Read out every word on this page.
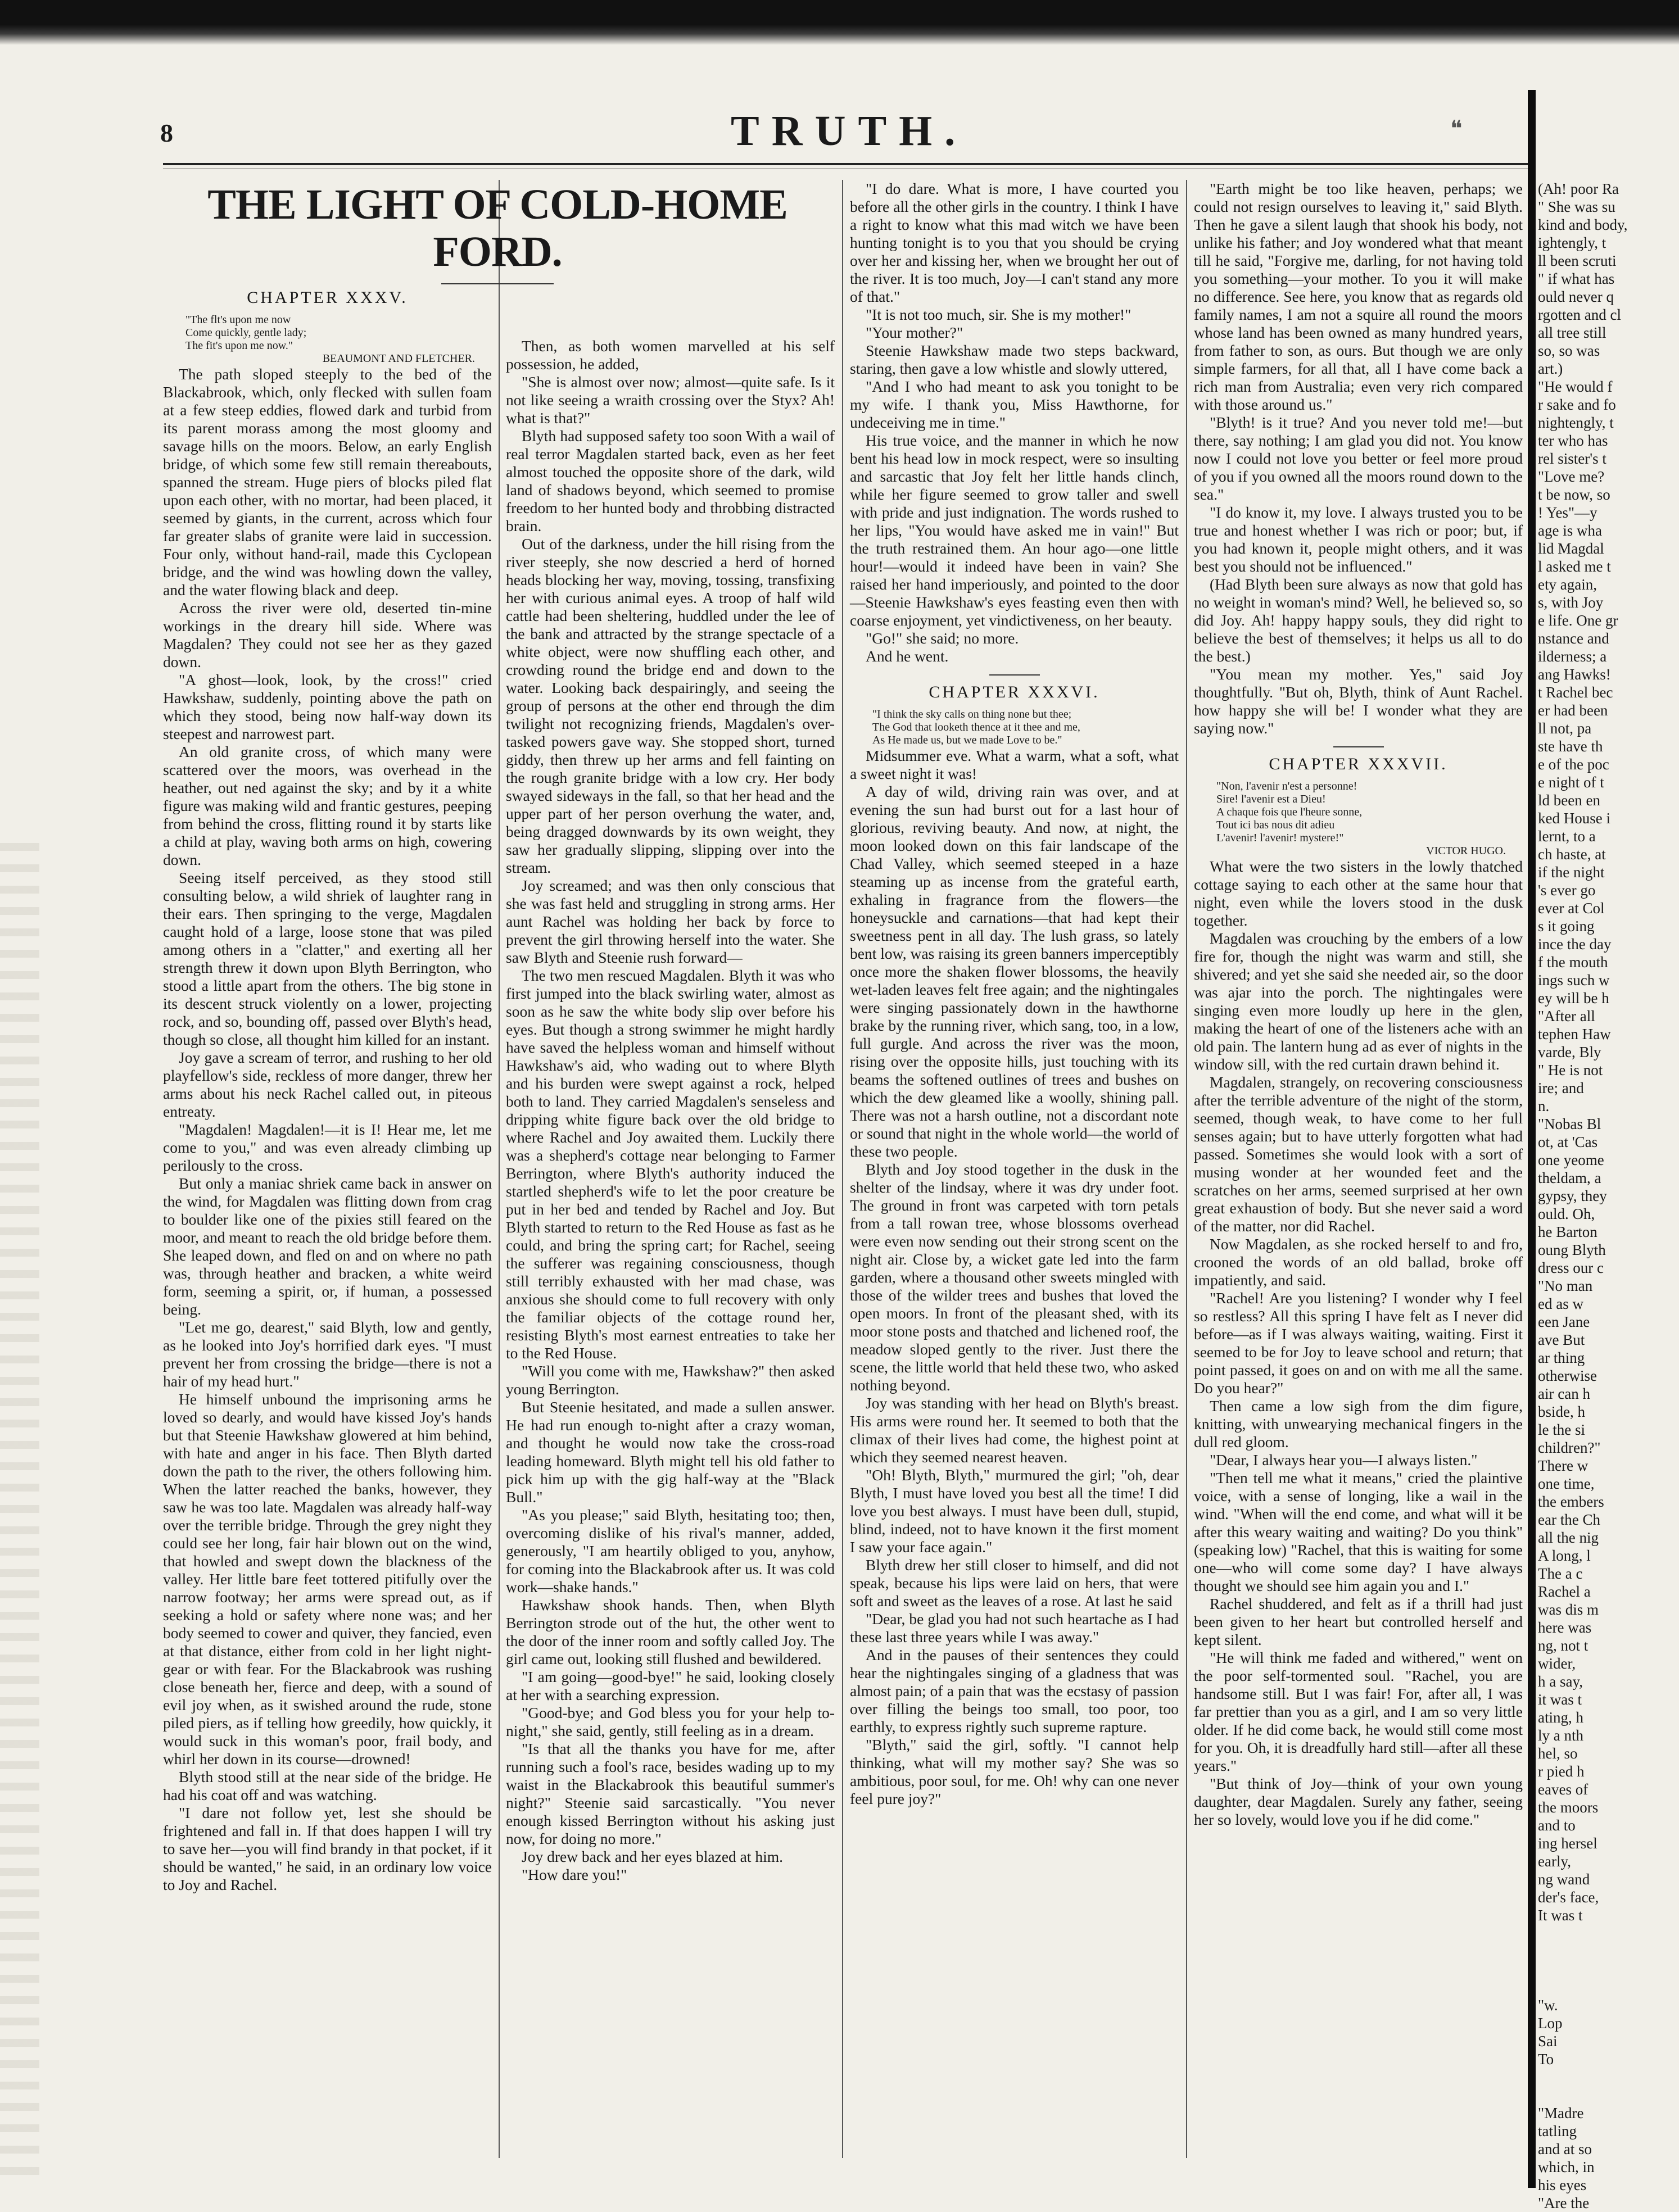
8	TRUTH.	❝
THE LIGHT OF COLD-HOME FORD.
CHAPTER XXXV.

"The flt's upon me now
Come quickly, gentle lady;
The fit's upon me now."
BEAUMONT AND FLETCHER.

The path sloped steeply to the bed of the Blackabrook, which, only flecked with sullen foam at a few steep eddies, flowed dark and turbid from its parent morass among the most gloomy and savage hills on the moors. Below, an early English bridge, of which some few still remain thereabouts, spanned the stream. Huge piers of blocks piled flat upon each other, with no mortar, had been placed, it seemed by giants, in the current, across which four far greater slabs of granite were laid in succession. Four only, without hand-rail, made this Cyclopean bridge, and the wind was howling down the valley, and the water flowing black and deep.

Across the river were old, deserted tin-mine workings in the dreary hill side. Where was Magdalen? They could not see her as they gazed down.

"A ghost—look, look, by the cross!" cried Hawkshaw, suddenly, pointing above the path on which they stood, being now half-way down its steepest and narrowest part.

An old granite cross, of which many were scattered over the moors, was overhead in the heather, out ned against the sky; and by it a white figure was making wild and frantic gestures, peeping from behind the cross, flitting round it by starts like a child at play, waving both arms on high, cowering down.

Seeing itself perceived, as they stood still consulting below, a wild shriek of laughter rang in their ears. Then springing to the verge, Magdalen caught hold of a large, loose stone that was piled among others in a "clatter," and exerting all her strength threw it down upon Blyth Berrington, who stood a little apart from the others. The big stone in its descent struck violently on a lower, projecting rock, and so, bounding off, passed over Blyth's head, though so close, all thought him killed for an instant.

Joy gave a scream of terror, and rushing to her old playfellow's side, reckless of more danger, threw her arms about his neck Rachel called out, in piteous entreaty.

"Magdalen! Magdalen!—it is I! Hear me, let me come to you," and was even already climbing up perilously to the cross.

But only a maniac shriek came back in answer on the wind, for Magdalen was flitting down from crag to boulder like one of the pixies still feared on the moor, and meant to reach the old bridge before them. She leaped down, and fled on and on where no path was, through heather and bracken, a white weird form, seeming a spirit, or, if human, a possessed being.

"Let me go, dearest," said Blyth, low and gently, as he looked into Joy's horrified dark eyes. "I must prevent her from crossing the bridge—there is not a hair of my head hurt."

He himself unbound the imprisoning arms he loved so dearly, and would have kissed Joy's hands but that Steenie Hawkshaw glowered at him behind, with hate and anger in his face. Then Blyth darted down the path to the river, the others following him. When the latter reached the banks, however, they saw he was too late. Magdalen was already half-way over the terrible bridge. Through the grey night they could see her long, fair hair blown out on the wind, that howled and swept down the blackness of the valley. Her little bare feet tottered pitifully over the narrow footway; her arms were spread out, as if seeking a hold or safety where none was; and her body seemed to cower and quiver, they fancied, even at that distance, either from cold in her light night-gear or with fear. For the Blackabrook was rushing close beneath her, fierce and deep, with a sound of evil joy when, as it swished around the rude, stone piled piers, as if telling how greedily, how quickly, it would suck in this woman's poor, frail body, and whirl her down in its course—drowned!

Blyth stood still at the near side of the bridge. He had his coat off and was watching.

"I dare not follow yet, lest she should be frightened and fall in. If that does happen I will try to save her—you will find brandy in that pocket, if it should be wanted," he said, in an ordinary low voice to Joy and Rachel.

Then, as both women marvelled at his self possession, he added,

"She is almost over now; almost—quite safe. Is it not like seeing a wraith crossing over the Styx? Ah! what is that?"

Blyth had supposed safety too soon With a wail of real terror Magdalen started back, even as her feet almost touched the opposite shore of the dark, wild land of shadows beyond, which seemed to promise freedom to her hunted body and throbbing distracted brain.

Out of the darkness, under the hill rising from the river steeply, she now descried a herd of horned heads blocking her way, moving, tossing, transfixing her with curious animal eyes. A troop of half wild cattle had been sheltering, huddled under the lee of the bank and attracted by the strange spectacle of a white object, were now shuffling each other, and crowding round the bridge end and down to the water. Looking back despairingly, and seeing the group of persons at the other end through the dim twilight not recognizing friends, Magdalen's over-tasked powers gave way. She stopped short, turned giddy, then threw up her arms and fell fainting on the rough granite bridge with a low cry. Her body swayed sideways in the fall, so that her head and the upper part of her person overhung the water, and, being dragged downwards by its own weight, they saw her gradually slipping, slipping over into the stream.

Joy screamed; and was then only conscious that she was fast held and struggling in strong arms. Her aunt Rachel was holding her back by force to prevent the girl throwing herself into the water. She saw Blyth and Steenie rush forward—

The two men rescued Magdalen. Blyth it was who first jumped into the black swirling water, almost as soon as he saw the white body slip over before his eyes. But though a strong swimmer he might hardly have saved the helpless woman and himself without Hawkshaw's aid, who wading out to where Blyth and his burden were swept against a rock, helped both to land. They carried Magdalen's senseless and dripping white figure back over the old bridge to where Rachel and Joy awaited them. Luckily there was a shepherd's cottage near belonging to Farmer Berrington, where Blyth's authority induced the startled shepherd's wife to let the poor creature be put in her bed and tended by Rachel and Joy. But Blyth started to return to the Red House as fast as he could, and bring the spring cart; for Rachel, seeing the sufferer was regaining consciousness, though still terribly exhausted with her mad chase, was anxious she should come to full recovery with only the familiar objects of the cottage round her, resisting Blyth's most earnest entreaties to take her to the Red House.

"Will you come with me, Hawkshaw?" then asked young Berrington.

But Steenie hesitated, and made a sullen answer. He had run enough to-night after a crazy woman, and thought he would now take the cross-road leading homeward. Blyth might tell his old father to pick him up with the gig half-way at the "Black Bull."

"As you please;" said Blyth, hesitating too; then, overcoming dislike of his rival's manner, added, generously, "I am heartily obliged to you, anyhow, for coming into the Blackabrook after us. It was cold work—shake hands."

Hawkshaw shook hands. Then, when Blyth Berrington strode out of the hut, the other went to the door of the inner room and softly called Joy. The girl came out, looking still flushed and bewildered.

"I am going—good-bye!" he said, looking closely at her with a searching expression.

"Good-bye; and God bless you for your help to-night," she said, gently, still feeling as in a dream.

"Is that all the thanks you have for me, after running such a fool's race, besides wading up to my waist in the Blackabrook this beautiful summer's night?" Steenie said sarcastically. "You never enough kissed Berrington without his asking just now, for doing no more."

Joy drew back and her eyes blazed at him.

"How dare you!"

"I do dare. What is more, I have courted you before all the other girls in the country. I think I have a right to know what this mad witch we have been hunting tonight is to you that you should be crying over her and kissing her, when we brought her out of the river. It is too much, Joy—I can't stand any more of that."

"It is not too much, sir. She is my mother!"

"Your mother?"

Steenie Hawkshaw made two steps backward, staring, then gave a low whistle and slowly uttered,

"And I who had meant to ask you tonight to be my wife. I thank you, Miss Hawthorne, for undeceiving me in time."

His true voice, and the manner in which he now bent his head low in mock respect, were so insulting and sarcastic that Joy felt her little hands clinch, while her figure seemed to grow taller and swell with pride and just indignation. The words rushed to her lips, "You would have asked me in vain!" But the truth restrained them. An hour ago—one little hour!—would it indeed have been in vain? She raised her hand imperiously, and pointed to the door—Steenie Hawkshaw's eyes feasting even then with coarse enjoyment, yet vindictiveness, on her beauty.

"Go!" she said; no more.

And he went.

CHAPTER XXXVI.

"I think the sky calls on thing none but thee;
The God that looketh thence at it thee and me,
As He made us, but we made Love to be."

Midsummer eve. What a warm, what a soft, what a sweet night it was!

A day of wild, driving rain was over, and at evening the sun had burst out for a last hour of glorious, reviving beauty. And now, at night, the moon looked down on this fair landscape of the Chad Valley, which seemed steeped in a haze steaming up as incense from the grateful earth, exhaling in fragrance from the flowers—the honeysuckle and carnations—that had kept their sweetness pent in all day. The lush grass, so lately bent low, was raising its green banners imperceptibly once more the shaken flower blossoms, the heavily wet-laden leaves felt free again; and the nightingales were singing passionately down in the hawthorne brake by the running river, which sang, too, in a low, full gurgle. And across the river was the moon, rising over the opposite hills, just touching with its beams the softened outlines of trees and bushes on which the dew gleamed like a woolly, shining pall. There was not a harsh outline, not a discordant note or sound that night in the whole world—the world of these two people.

Blyth and Joy stood together in the dusk in the shelter of the lindsay, where it was dry under foot. The ground in front was carpeted with torn petals from a tall rowan tree, whose blossoms overhead were even now sending out their strong scent on the night air. Close by, a wicket gate led into the farm garden, where a thousand other sweets mingled with those of the wilder trees and bushes that loved the open moors. In front of the pleasant shed, with its moor stone posts and thatched and lichened roof, the meadow sloped gently to the river. Just there the scene, the little world that held these two, who asked nothing beyond.

Joy was standing with her head on Blyth's breast. His arms were round her. It seemed to both that the climax of their lives had come, the highest point at which they seemed nearest heaven.

"Oh! Blyth, Blyth," murmured the girl; "oh, dear Blyth, I must have loved you best all the time! I did love you best always. I must have been dull, stupid, blind, indeed, not to have known it the first moment I saw your face again."

Blyth drew her still closer to himself, and did not speak, because his lips were laid on hers, that were soft and sweet as the leaves of a rose. At last he said

"Dear, be glad you had not such heartache as I had these last three years while I was away."

And in the pauses of their sentences they could hear the nightingales singing of a gladness that was almost pain; of a pain that was the ecstasy of passion over filling the beings too small, too poor, too earthly, to express rightly such supreme rapture.

"Blyth," said the girl, softly. "I cannot help thinking, what will my mother say? She was so ambitious, poor soul, for me. Oh! why can one never feel pure joy?"

"Earth might be too like heaven, perhaps; we could not resign ourselves to leaving it," said Blyth. Then he gave a silent laugh that shook his body, not unlike his father; and Joy wondered what that meant till he said, "Forgive me, darling, for not having told you something—your mother. To you it will make no difference. See here, you know that as regards old family names, I am not a squire all round the moors whose land has been owned as many hundred years, from father to son, as ours. But though we are only simple farmers, for all that, all I have come back a rich man from Australia; even very rich compared with those around us."

"Blyth! is it true? And you never told me!—but there, say nothing; I am glad you did not. You know now I could not love you better or feel more proud of you if you owned all the moors round down to the sea."

"I do know it, my love. I always trusted you to be true and honest whether I was rich or poor; but, if you had known it, people might others, and it was best you should not be influenced."

(Had Blyth been sure always as now that gold has no weight in woman's mind? Well, he believed so, so did Joy. Ah! happy happy souls, they did right to believe the best of themselves; it helps us all to do the best.)

"You mean my mother. Yes," said Joy thoughtfully. "But oh, Blyth, think of Aunt Rachel. how happy she will be! I wonder what they are saying now."

CHAPTER XXXVII.

"Non, l'avenir n'est a personne!
Sire! l'avenir est a Dieu!
A chaque fois que l'heure sonne,
Tout ici bas nous dit adieu
L'avenir! l'avenir! mystere!"
VICTOR HUGO.

What were the two sisters in the lowly thatched cottage saying to each other at the same hour that night, even while the lovers stood in the dusk together.

Magdalen was crouching by the embers of a low fire for, though the night was warm and still, she shivered; and yet she said she needed air, so the door was ajar into the porch. The nightingales were singing even more loudly up here in the glen, making the heart of one of the listeners ache with an old pain. The lantern hung ad as ever of nights in the window sill, with the red curtain drawn behind it.

Magdalen, strangely, on recovering consciousness after the terrible adventure of the night of the storm, seemed, though weak, to have come to her full senses again; but to have utterly forgotten what had passed. Sometimes she would look with a sort of musing wonder at her wounded feet and the scratches on her arms, seemed surprised at her own great exhaustion of body. But she never said a word of the matter, nor did Rachel.

Now Magdalen, as she rocked herself to and fro, crooned the words of an old ballad, broke off impatiently, and said.

"Rachel! Are you listening? I wonder why I feel so restless? All this spring I have felt as I never did before—as if I was always waiting, waiting. First it seemed to be for Joy to leave school and return; that point passed, it goes on and on with me all the same. Do you hear?"

Then came a low sigh from the dim figure, knitting, with unwearying mechanical fingers in the dull red gloom.

"Dear, I always hear you—I always listen."

"Then tell me what it means," cried the plaintive voice, with a sense of longing, like a wail in the wind. "When will the end come, and what will it be after this weary waiting and waiting? Do you think" (speaking low) "Rachel, that this is waiting for some one—who will come some day? I have always thought we should see him again you and I."

Rachel shuddered, and felt as if a thrill had just been given to her heart but controlled herself and kept silent.

"He will think me faded and withered," went on the poor self-tormented soul. "Rachel, you are handsome still. But I was fair! For, after all, I was far prettier than you as a girl, and I am so very little older. If he did come back, he would still come most for you. Oh, it is dreadfully hard still—after all these years."

"But think of Joy—think of your own young daughter, dear Magdalen. Surely any father, seeing her so lovely, would love you if he did come."

(Ah! poor Ra
" She was su
kind and body,
ightengly, t
ll been scruti
" if what has
ould never q
rgotten and cl
all tree still
so, so was
art.)
"He would f
r sake and fo
nightengly, t
ter who has
rel sister's t
"Love me?
t be now, so
! Yes"—y
age is wha
lid Magdal
l asked me t
ety again,
s, with Joy
e life. One gr
nstance and
ilderness; a
ang Hawks!
t Rachel bec
er had been
ll not, pa
ste have th
e of the poc
e night of t
ld been en
ked House i
lernt, to a
ch haste, at
if the night
's ever go
ever at Col
s it going
ince the day
f the mouth
ings such w
ey will be h
"After all
tephen Haw
varde, Bly
" He is not
ire; and
n.
"Nobas Bl
ot, at 'Cas
one yeome
theldam, a
gypsy, they
ould. Oh,
he Barton
oung Blyth
dress our c
"No man
ed as w
een Jane
ave But
ar thing
otherwise
air can h
bside, h
le the si
children?"
There w
one time,
the embers
ear the Ch
all the nig
A long, l
The a c
Rachel a
was dis m
here was
ng, not t
wider,
h a say,
it was t
ating, h
ly a nth
hel, so
r pied h
eaves of
the moors
and to
ing hersel
early,
ng wand
der's face,
It was t

"w.
Lop
Sai
To

"Madre
tatling
and at so
which, in
his eyes
"Are the
